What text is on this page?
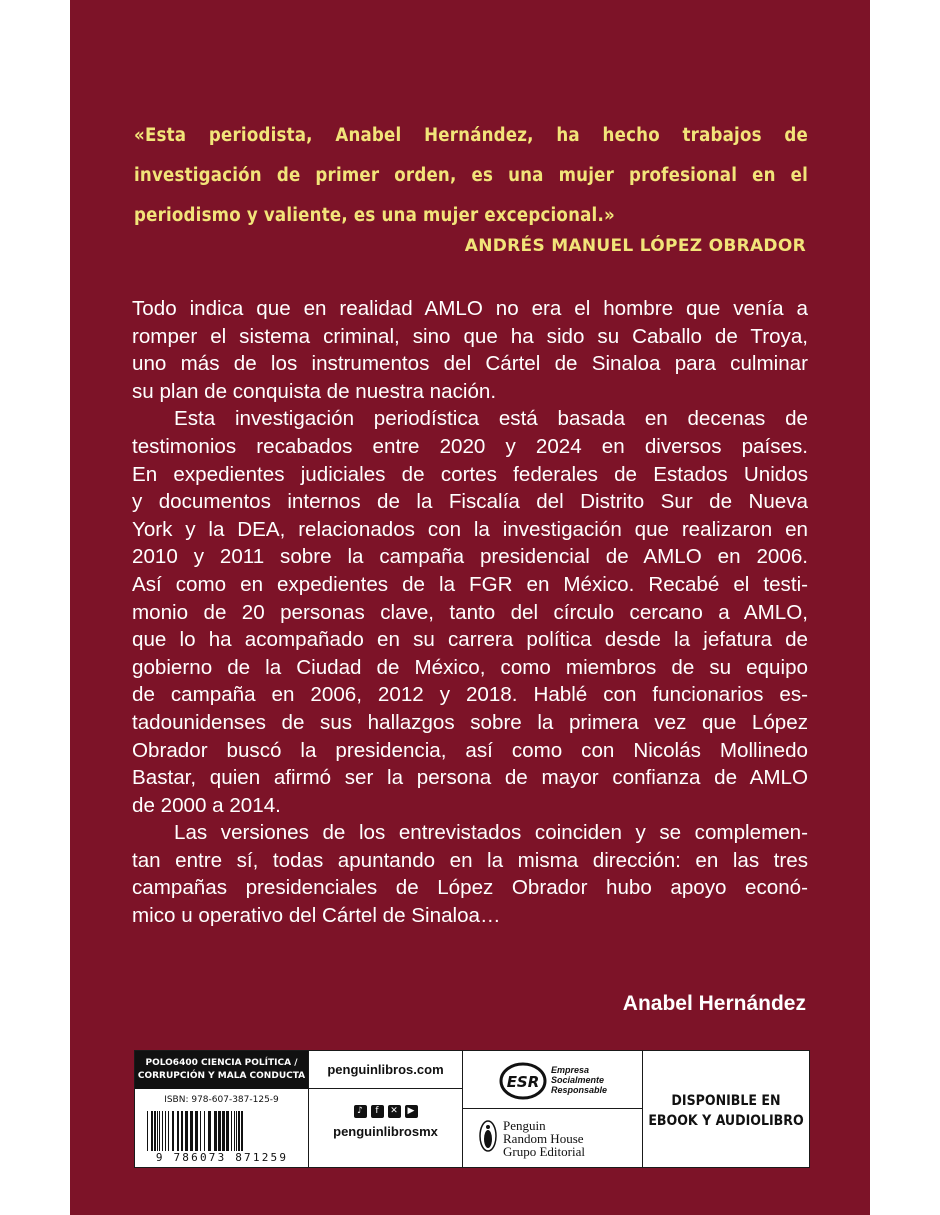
«Esta periodista, Anabel Hernández, ha hecho trabajos de
investigación de primer orden, es una mujer profesional en el
periodismo y valiente, es una mujer excepcional.»
ANDRÉS MANUEL LÓPEZ OBRADOR
Todo indica que en realidad AMLO no era el hombre que venía a
romper el sistema criminal, sino que ha sido su Caballo de Troya,
uno más de los instrumentos del Cártel de Sinaloa para culminar
su plan de conquista de nuestra nación.
Esta investigación periodística está basada en decenas de
testimonios recabados entre 2020 y 2024 en diversos países.
En expedientes judiciales de cortes federales de Estados Unidos
y documentos internos de la Fiscalía del Distrito Sur de Nueva
York y la DEA, relacionados con la investigación que realizaron en
2010 y 2011 sobre la campaña presidencial de AMLO en 2006.
Así como en expedientes de la FGR en México. Recabé el testi-
monio de 20 personas clave, tanto del círculo cercano a AMLO,
que lo ha acompañado en su carrera política desde la jefatura de
gobierno de la Ciudad de México, como miembros de su equipo
de campaña en 2006, 2012 y 2018. Hablé con funcionarios es-
tadounidenses de sus hallazgos sobre la primera vez que López
Obrador buscó la presidencia, así como con Nicolás Mollinedo
Bastar, quien afirmó ser la persona de mayor confianza de AMLO
de 2000 a 2014.
Las versiones de los entrevistados coinciden y se complemen-
tan entre sí, todas apuntando en la misma dirección: en las tres
campañas presidenciales de López Obrador hubo apoyo econó-
mico u operativo del Cártel de Sinaloa…
Anabel Hernández
POLO6400 CIENCIA POLÍTICA /
CORRUPCIÓN Y MALA CONDUCTA
ISBN: 978-607-387-125-9
9 786073 871259
penguinlibros.com
♪	f	✕	▶
penguinlibrosmx
ESR
Empresa
Socialmente
Responsable
Penguin
Random House
Grupo Editorial
DISPONIBLE EN
EBOOK Y AUDIOLIBRO
